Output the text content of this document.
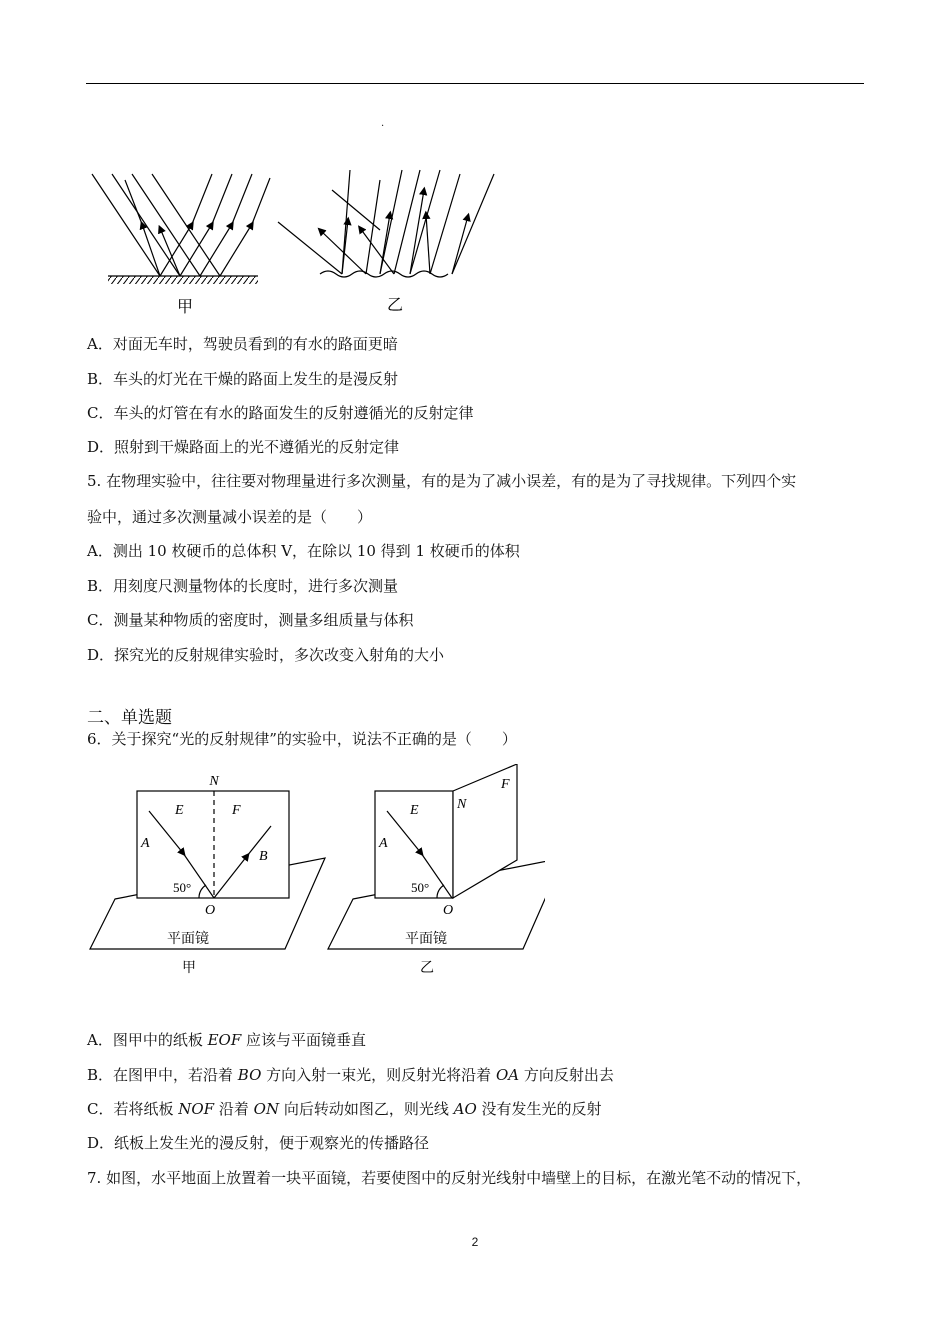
.
甲	乙
A．对面无车时，驾驶员看到的有水的路面更暗
B．车头的灯光在干燥的路面上发生的是漫反射
C．车头的灯管在有水的路面发生的反射遵循光的反射定律
D．照射到干燥路面上的光不遵循光的反射定律
5. 在物理实验中，往往要对物理量进行多次测量，有的是为了减小误差，有的是为了寻找规律。下列四个实
验中，通过多次测量减小误差的是（　　）
A．测出 10 枚硬币的总体积 V，在除以 10 得到 1 枚硬币的体积
B．用刻度尺测量物体的长度时，进行多次测量
C．测量某种物质的密度时，测量多组质量与体积
D．探究光的反射规律实验时，多次改变入射角的大小
二、单选题
6．关于探究“光的反射规律”的实验中，说法不正确的是（　　）
N
E	F
A
B
50°
O
平面镜
甲
N
F
E
A
50°
O
平面镜
乙
A．图甲中的纸板 EOF 应该与平面镜垂直
B．在图甲中，若沿着 BO 方向入射一束光，则反射光将沿着 OA 方向反射出去
C．若将纸板 NOF 沿着 ON 向后转动如图乙，则光线 AO 没有发生光的反射
D．纸板上发生光的漫反射，便于观察光的传播路径
7. 如图，水平地面上放置着一块平面镜，若要使图中的反射光线射中墙壁上的目标，在激光笔不动的情况下，
2
